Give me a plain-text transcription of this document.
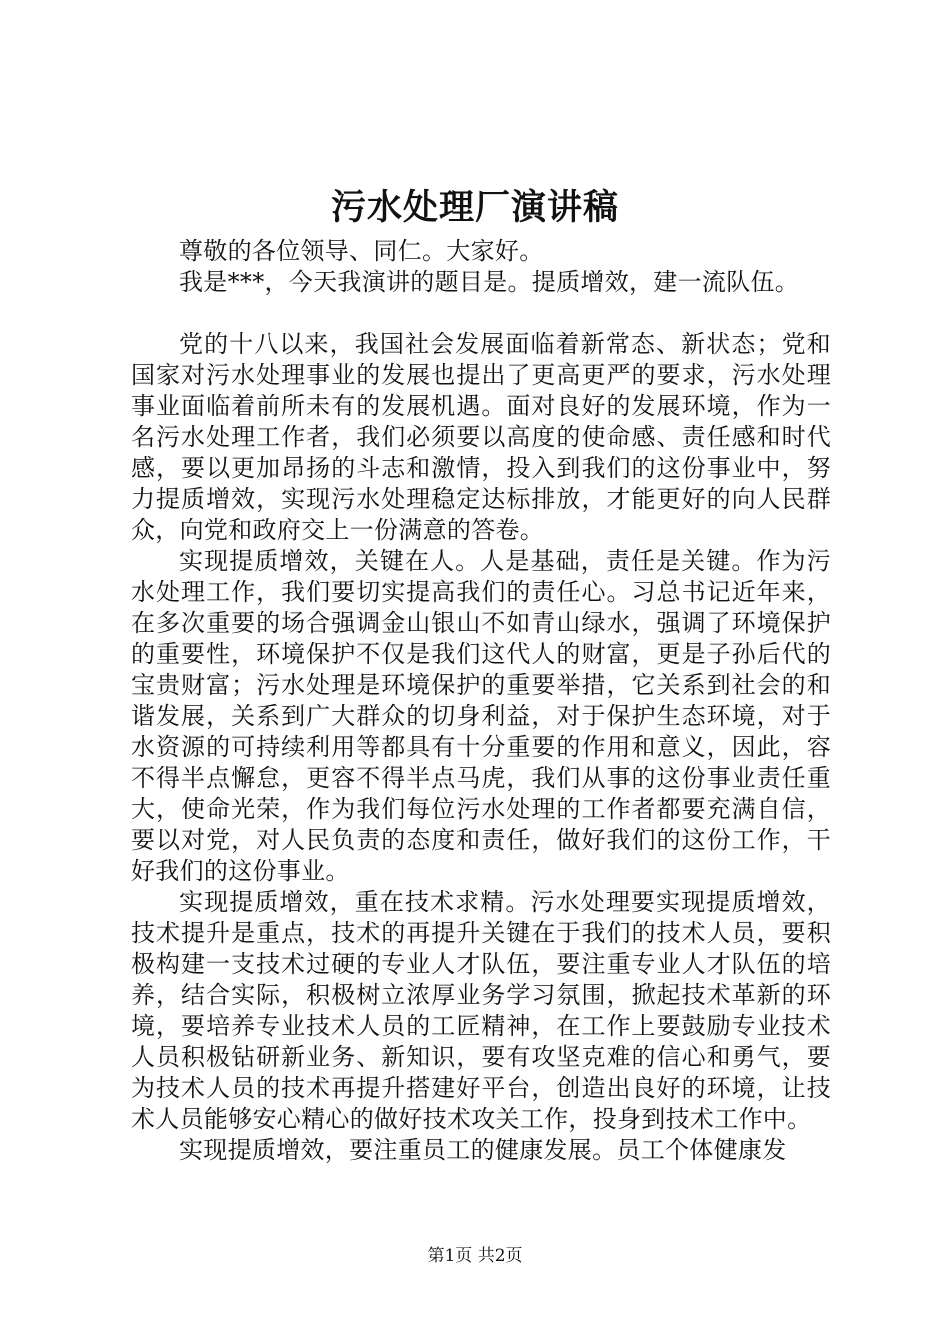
污水处理厂演讲稿

尊敬的各位领导、同仁。大家好。

我是***，今天我演讲的题目是。提质增效，建一流队伍。

党的十八以来，我国社会发展面临着新常态、新状态；党和国家对污水处理事业的发展也提出了更高更严的要求，污水处理事业面临着前所未有的发展机遇。面对良好的发展环境，作为一名污水处理工作者，我们必须要以高度的使命感、责任感和时代感，要以更加昂扬的斗志和激情，投入到我们的这份事业中，努力提质增效，实现污水处理稳定达标排放，才能更好的向人民群众，向党和政府交上一份满意的答卷。

实现提质增效，关键在人。人是基础，责任是关键。作为污水处理工作，我们要切实提高我们的责任心。习总书记近年来，在多次重要的场合强调金山银山不如青山绿水，强调了环境保护的重要性，环境保护不仅是我们这代人的财富，更是子孙后代的宝贵财富；污水处理是环境保护的重要举措，它关系到社会的和谐发展，关系到广大群众的切身利益，对于保护生态环境，对于水资源的可持续利用等都具有十分重要的作用和意义，因此，容不得半点懈怠，更容不得半点马虎，我们从事的这份事业责任重大，使命光荣，作为我们每位污水处理的工作者都要充满自信，要以对党，对人民负责的态度和责任，做好我们的这份工作，干好我们的这份事业。

实现提质增效，重在技术求精。污水处理要实现提质增效，技术提升是重点，技术的再提升关键在于我们的技术人员，要积极构建一支技术过硬的专业人才队伍，要注重专业人才队伍的培养，结合实际，积极树立浓厚业务学习氛围，掀起技术革新的环境，要培养专业技术人员的工匠精神，在工作上要鼓励专业技术人员积极钻研新业务、新知识，要有攻坚克难的信心和勇气，要为技术人员的技术再提升搭建好平台，创造出良好的环境，让技术人员能够安心精心的做好技术攻关工作，投身到技术工作中。

实现提质增效，要注重员工的健康发展。员工个体健康发

第1页 共2页
